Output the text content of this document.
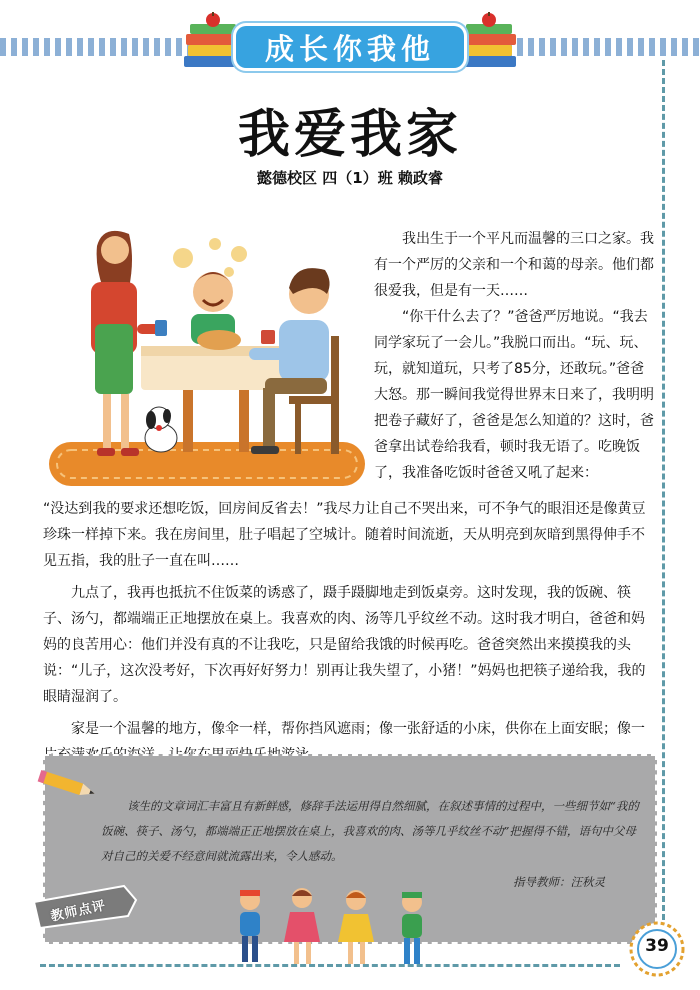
成长你我他
我爱我家
懿德校区 四（1）班 赖政睿

我出生于一个平凡而温馨的三口之家。我有一个严厉的父亲和一个和蔼的母亲。他们都很爱我，但是有一天……

“你干什么去了？”爸爸严厉地说。“我去同学家玩了一会儿。”我脱口而出。“玩、玩、玩，就知道玩，只考了85分，还敢玩。”爸爸大怒。那一瞬间我觉得世界末日来了，我明明把卷子藏好了，爸爸是怎么知道的？这时，爸爸拿出试卷给我看，顿时我无语了。吃晚饭了，我准备吃饭时爸爸又吼了起来：

“没达到我的要求还想吃饭，回房间反省去！”我尽力让自己不哭出来，可不争气的眼泪还是像黄豆珍珠一样掉下来。我在房间里，肚子唱起了空城计。随着时间流逝，天从明亮到灰暗到黑得伸手不见五指，我的肚子一直在叫……

九点了，我再也抵抗不住饭菜的诱惑了，蹑手蹑脚地走到饭桌旁。这时发现，我的饭碗、筷子、汤勺，都端端正正地摆放在桌上。我喜欢的肉、汤等几乎纹丝不动。这时我才明白，爸爸和妈妈的良苦用心：他们并没有真的不让我吃，只是留给我饿的时候再吃。爸爸突然出来摸摸我的头说：“儿子，这次没考好，下次再好好努力！别再让我失望了，小猪！”妈妈也把筷子递给我，我的眼睛湿润了。

家是一个温馨的地方，像伞一样，帮你挡风遮雨；像一张舒适的小床，供你在上面安眠；像一

该生的文章词汇丰富且有新鲜感，修辞手法运用得自然细腻，在叙述事情的过程中，一些细节如“我的饭碗、筷子、汤勺，都端端正正地摆放在桌上，我喜欢的肉、汤等几乎纹丝不动”把握得不错，语句中父母对自己的关爱不经意间就流露出来，令人感动。

指导教师：汪秋灵
教师点评
39
